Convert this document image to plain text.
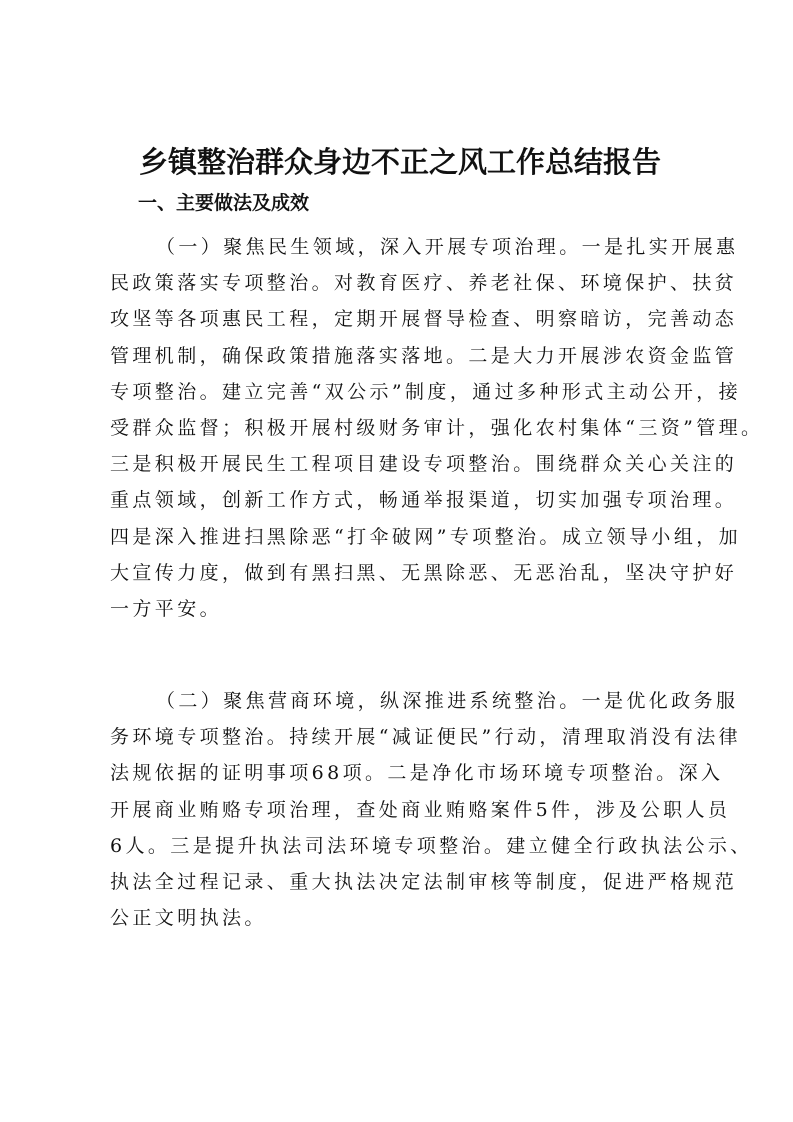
乡镇整治群众身边不正之风工作总结报告
一、主要做法及成效
（一）聚焦民生领域，深入开展专项治理。一是扎实开展惠
民政策落实专项整治。对教育医疗、养老社保、环境保护、扶贫
攻坚等各项惠民工程，定期开展督导检查、明察暗访，完善动态
管理机制，确保政策措施落实落地。二是大力开展涉农资金监管
专项整治。建立完善“双公示”制度，通过多种形式主动公开，接
受群众监督；积极开展村级财务审计，强化农村集体“三资”管理。
三是积极开展民生工程项目建设专项整治。围绕群众关心关注的
重点领域，创新工作方式，畅通举报渠道，切实加强专项治理。
四是深入推进扫黑除恶“打伞破网”专项整治。成立领导小组，加
大宣传力度，做到有黑扫黑、无黑除恶、无恶治乱，坚决守护好
一方平安。
（二）聚焦营商环境，纵深推进系统整治。一是优化政务服
务环境专项整治。持续开展“减证便民”行动，清理取消没有法律
法规依据的证明事项68项。二是净化市场环境专项整治。深入
开展商业贿赂专项治理，查处商业贿赂案件5件，涉及公职人员
6人。三是提升执法司法环境专项整治。建立健全行政执法公示、
执法全过程记录、重大执法决定法制审核等制度，促进严格规范
公正文明执法。
